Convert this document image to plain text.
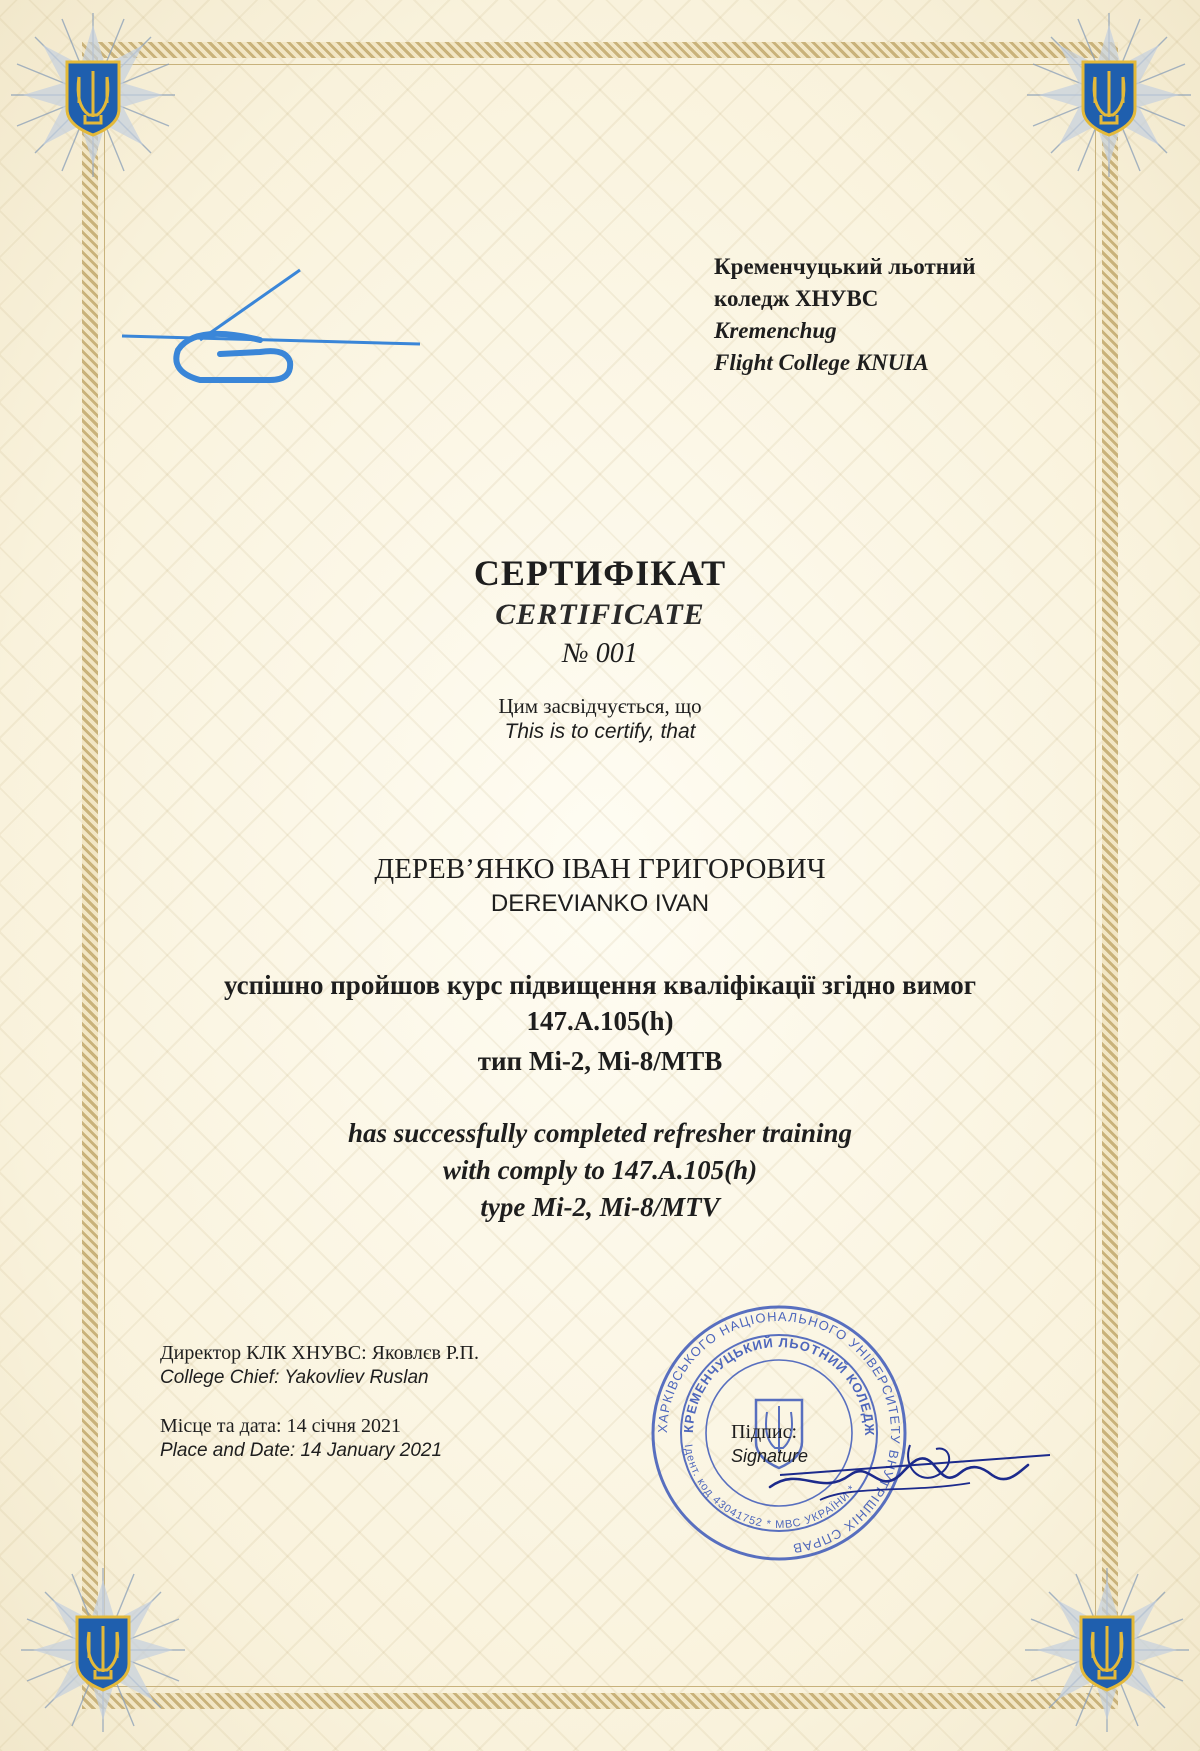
Кременчуцький льотний
коледж ХНУВС
Kremenchug
Flight College KNUIA
СЕРТИФІКАТ
CERTIFICATE
№ 001
Цим засвідчується, що
This is to certify, that
ДЕРЕВ’ЯНКО ІВАН ГРИГОРОВИЧ
DEREVIANKO IVAN
успішно пройшов курс підвищення кваліфікації згідно вимог
147.A.105(h)
тип Мі-2, Мі-8/МТВ
has successfully completed refresher training
with comply to 147.A.105(h)
type Mi-2, Mi-8/MTV
Директор КЛК ХНУВС: Яковлєв Р.П.
College Chief: Yakovliev Ruslan
Місце та дата: 14 січня 2021
Place and Date: 14 January 2021
ХАРКІВСЬКОГО НАЦІОНАЛЬНОГО УНІВЕРСИТЕТУ ВНУТРІШНІХ СПРАВ
КРЕМЕНЧУЦЬКИЙ ЛЬОТНИЙ КОЛЕДЖ
Ідент. код 43041752 * МВС УКРАЇНИ *
Підпис:
Signature
